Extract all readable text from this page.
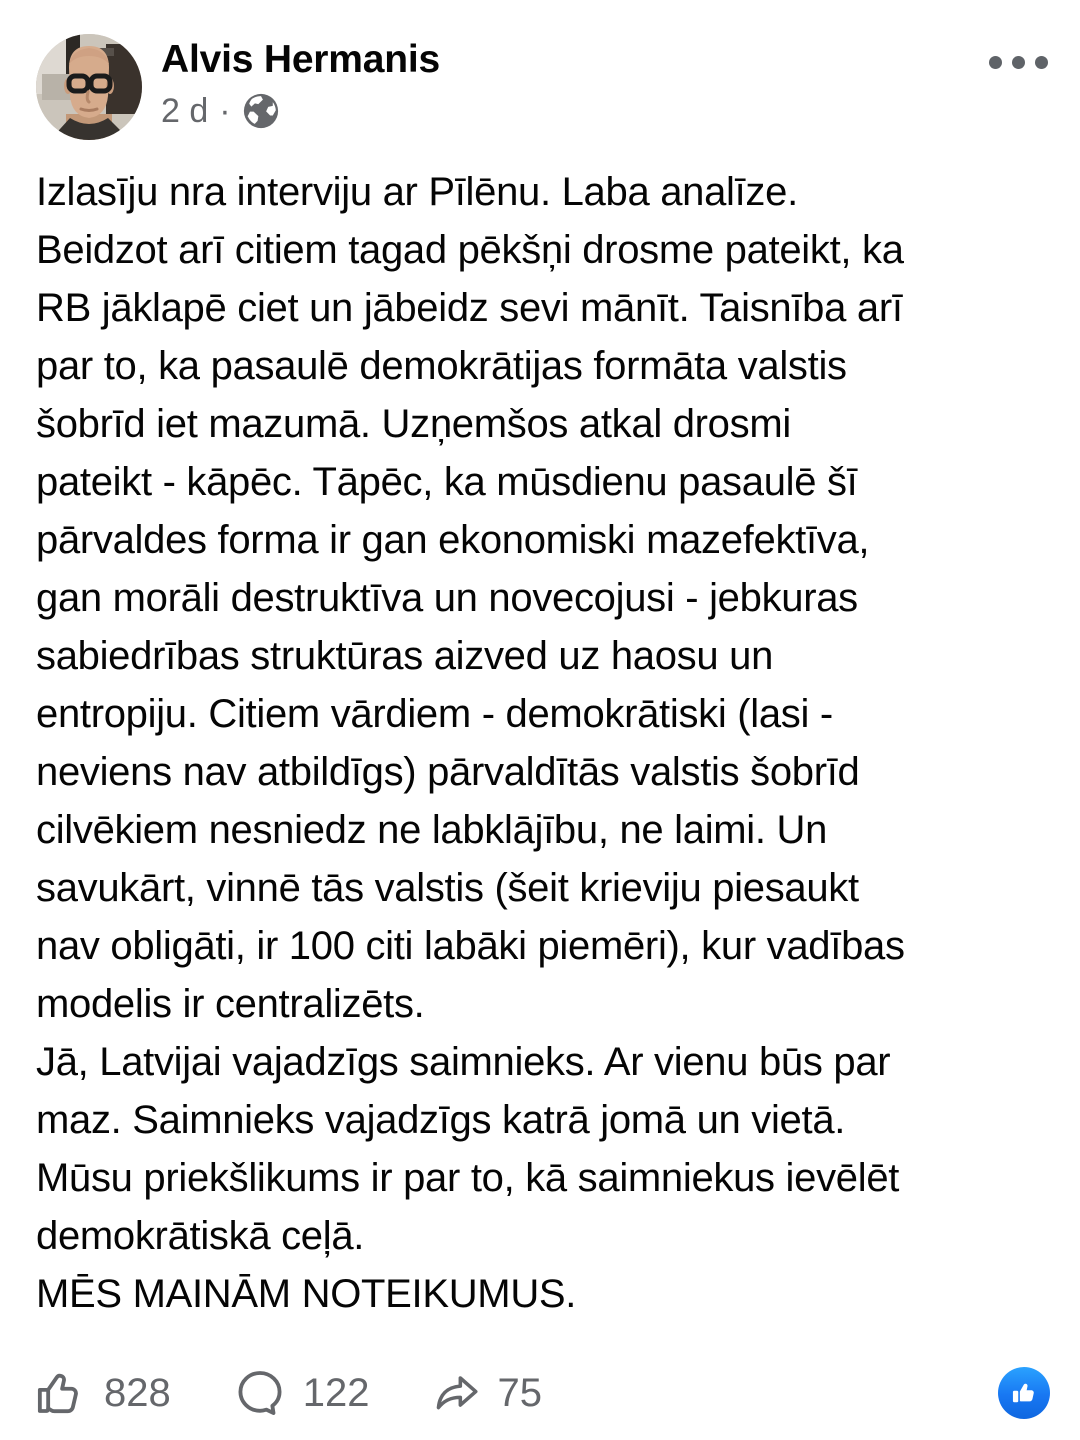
Alvis Hermanis
2 d ·
Izlasīju nra interviju ar Pīlēnu. Laba analīze.
Beidzot arī citiem tagad pēkšņi drosme pateikt, ka
RB jāklapē ciet un jābeidz sevi mānīt. Taisnība arī
par to, ka pasaulē demokrātijas formāta valstis
šobrīd iet mazumā. Uzņemšos atkal drosmi
pateikt - kāpēc. Tāpēc, ka mūsdienu pasaulē šī
pārvaldes forma ir gan ekonomiski mazefektīva,
gan morāli destruktīva un novecojusi - jebkuras
sabiedrības struktūras aizved uz haosu un
entropiju. Citiem vārdiem - demokrātiski (lasi -
neviens nav atbildīgs) pārvaldītās valstis šobrīd
cilvēkiem nesniedz ne labklājību, ne laimi. Un
savukārt, vinnē tās valstis (šeit krieviju piesaukt
nav obligāti, ir 100 citi labāki piemēri), kur vadības
modelis ir centralizēts.
Jā, Latvijai vajadzīgs saimnieks. Ar vienu būs par
maz. Saimnieks vajadzīgs katrā jomā un vietā.
Mūsu priekšlikums ir par to, kā saimniekus ievēlēt
demokrātiskā ceļā.
MĒS MAINĀM NOTEIKUMUS.
828	122	75
